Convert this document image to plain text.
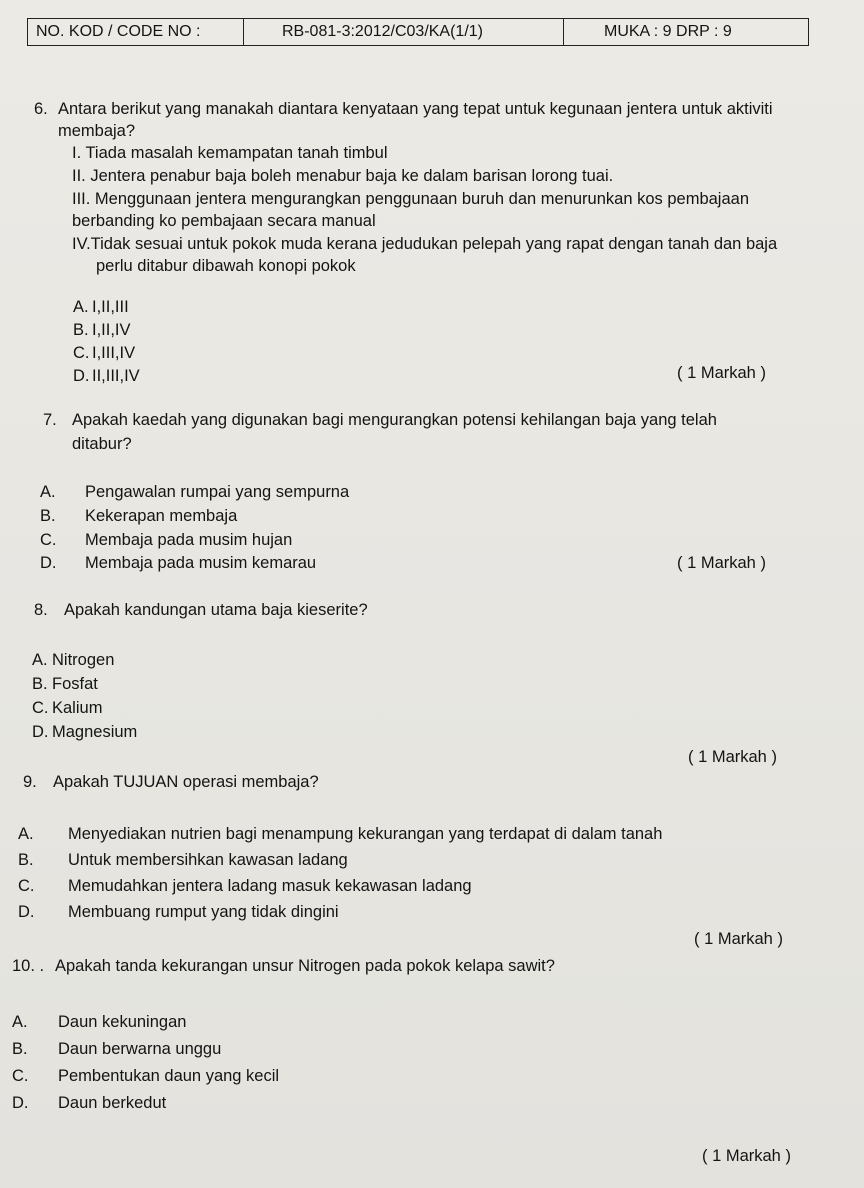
NO. KOD / CODE NO :	RB-081-3:2012/C03/KA(1/1)	MUKA : 9 DRP : 9
6. Antara berikut yang manakah diantara kenyataan yang tepat untuk kegunaan jentera untuk aktiviti
membaja?
I. Tiada masalah kemampatan tanah timbul
II. Jentera penabur baja boleh menabur baja ke dalam barisan lorong tuai.
III. Menggunaan jentera mengurangkan penggunaan buruh dan menurunkan kos pembajaan
berbanding ko pembajaan secara manual
IV.Tidak sesuai untuk pokok muda kerana jedudukan pelepah yang rapat dengan tanah dan baja
perlu ditabur dibawah konopi pokok
A. I,II,III
B. I,II,IV
C. I,III,IV
D. II,III,IV	( 1 Markah )
7. Apakah kaedah yang digunakan bagi mengurangkan potensi kehilangan baja yang telah
ditabur?
A. Pengawalan rumpai yang sempurna
B. Kekerapan membaja
C. Membaja pada musim hujan
D. Membaja pada musim kemarau	( 1 Markah )
8. Apakah kandungan utama baja kieserite?
A. Nitrogen
B. Fosfat
C. Kalium
D. Magnesium
( 1 Markah )
9. Apakah TUJUAN operasi membaja?
A. Menyediakan nutrien bagi menampung kekurangan yang terdapat di dalam tanah
B. Untuk membersihkan kawasan ladang
C. Memudahkan jentera ladang masuk kekawasan ladang
D. Membuang rumput yang tidak dingini
( 1 Markah )
10. . Apakah tanda kekurangan unsur Nitrogen pada pokok kelapa sawit?
A. Daun kekuningan
B. Daun berwarna unggu
C. Pembentukan daun yang kecil
D. Daun berkedut
( 1 Markah )
